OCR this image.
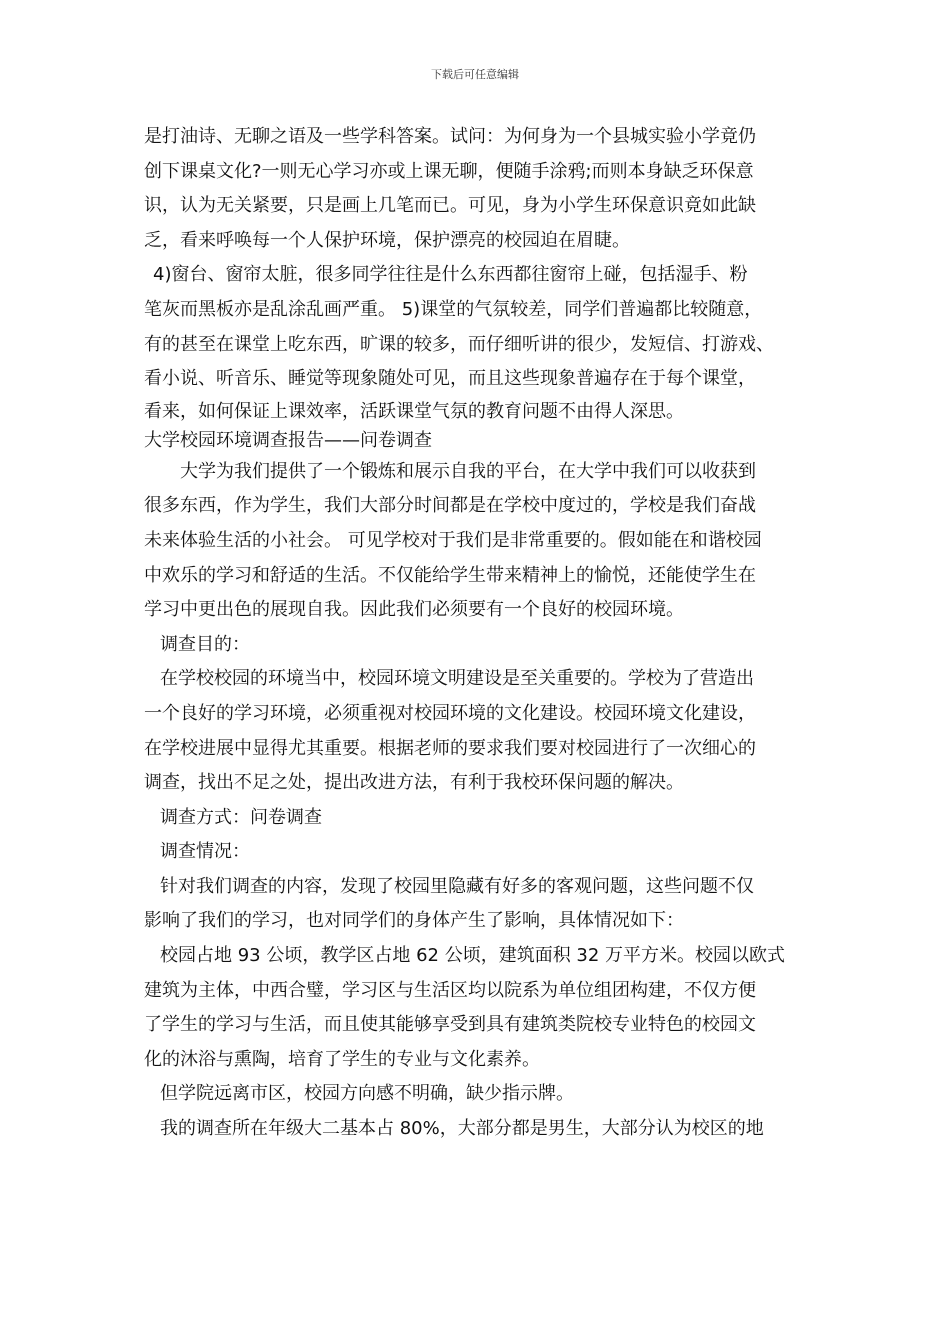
下载后可任意编辑
是打油诗、无聊之语及一些学科答案。试问：为何身为一个县城实验小学竟仍
创下课桌文化?一则无心学习亦或上课无聊，便随手涂鸦;而则本身缺乏环保意
识，认为无关紧要，只是画上几笔而已。可见，身为小学生环保意识竟如此缺
乏，看来呼唤每一个人保护环境，保护漂亮的校园迫在眉睫。
4)窗台、窗帘太脏，很多同学往往是什么东西都往窗帘上碰，包括湿手、粉
笔灰而黑板亦是乱涂乱画严重。 5)课堂的气氛较差，同学们普遍都比较随意，
有的甚至在课堂上吃东西，旷课的较多，而仔细听讲的很少，发短信、打游戏、
看小说、听音乐、睡觉等现象随处可见，而且这些现象普遍存在于每个课堂，
看来，如何保证上课效率，活跃课堂气氛的教育问题不由得人深思。
大学校园环境调查报告——问卷调查
大学为我们提供了一个锻炼和展示自我的平台，在大学中我们可以收获到
很多东西，作为学生，我们大部分时间都是在学校中度过的，学校是我们奋战
未来体验生活的小社会。 可见学校对于我们是非常重要的。假如能在和谐校园
中欢乐的学习和舒适的生活。不仅能给学生带来精神上的愉悦，还能使学生在
学习中更出色的展现自我。因此我们必须要有一个良好的校园环境。
调查目的：
在学校校园的环境当中，校园环境文明建设是至关重要的。学校为了营造出
一个良好的学习环境，必须重视对校园环境的文化建设。校园环境文化建设，
在学校进展中显得尤其重要。根据老师的要求我们要对校园进行了一次细心的
调查，找出不足之处，提出改进方法，有利于我校环保问题的解决。
调查方式：问卷调查
调查情况：
针对我们调查的内容，发现了校园里隐藏有好多的客观问题，这些问题不仅
影响了我们的学习，也对同学们的身体产生了影响，具体情况如下：
校园占地 93 公顷，教学区占地 62 公顷，建筑面积 32 万平方米。校园以欧式
建筑为主体，中西合璧，学习区与生活区均以院系为单位组团构建，不仅方便
了学生的学习与生活，而且使其能够享受到具有建筑类院校专业特色的校园文
化的沐浴与熏陶，培育了学生的专业与文化素养。
但学院远离市区，校园方向感不明确，缺少指示牌。
我的调查所在年级大二基本占 80%，大部分都是男生，大部分认为校区的地
